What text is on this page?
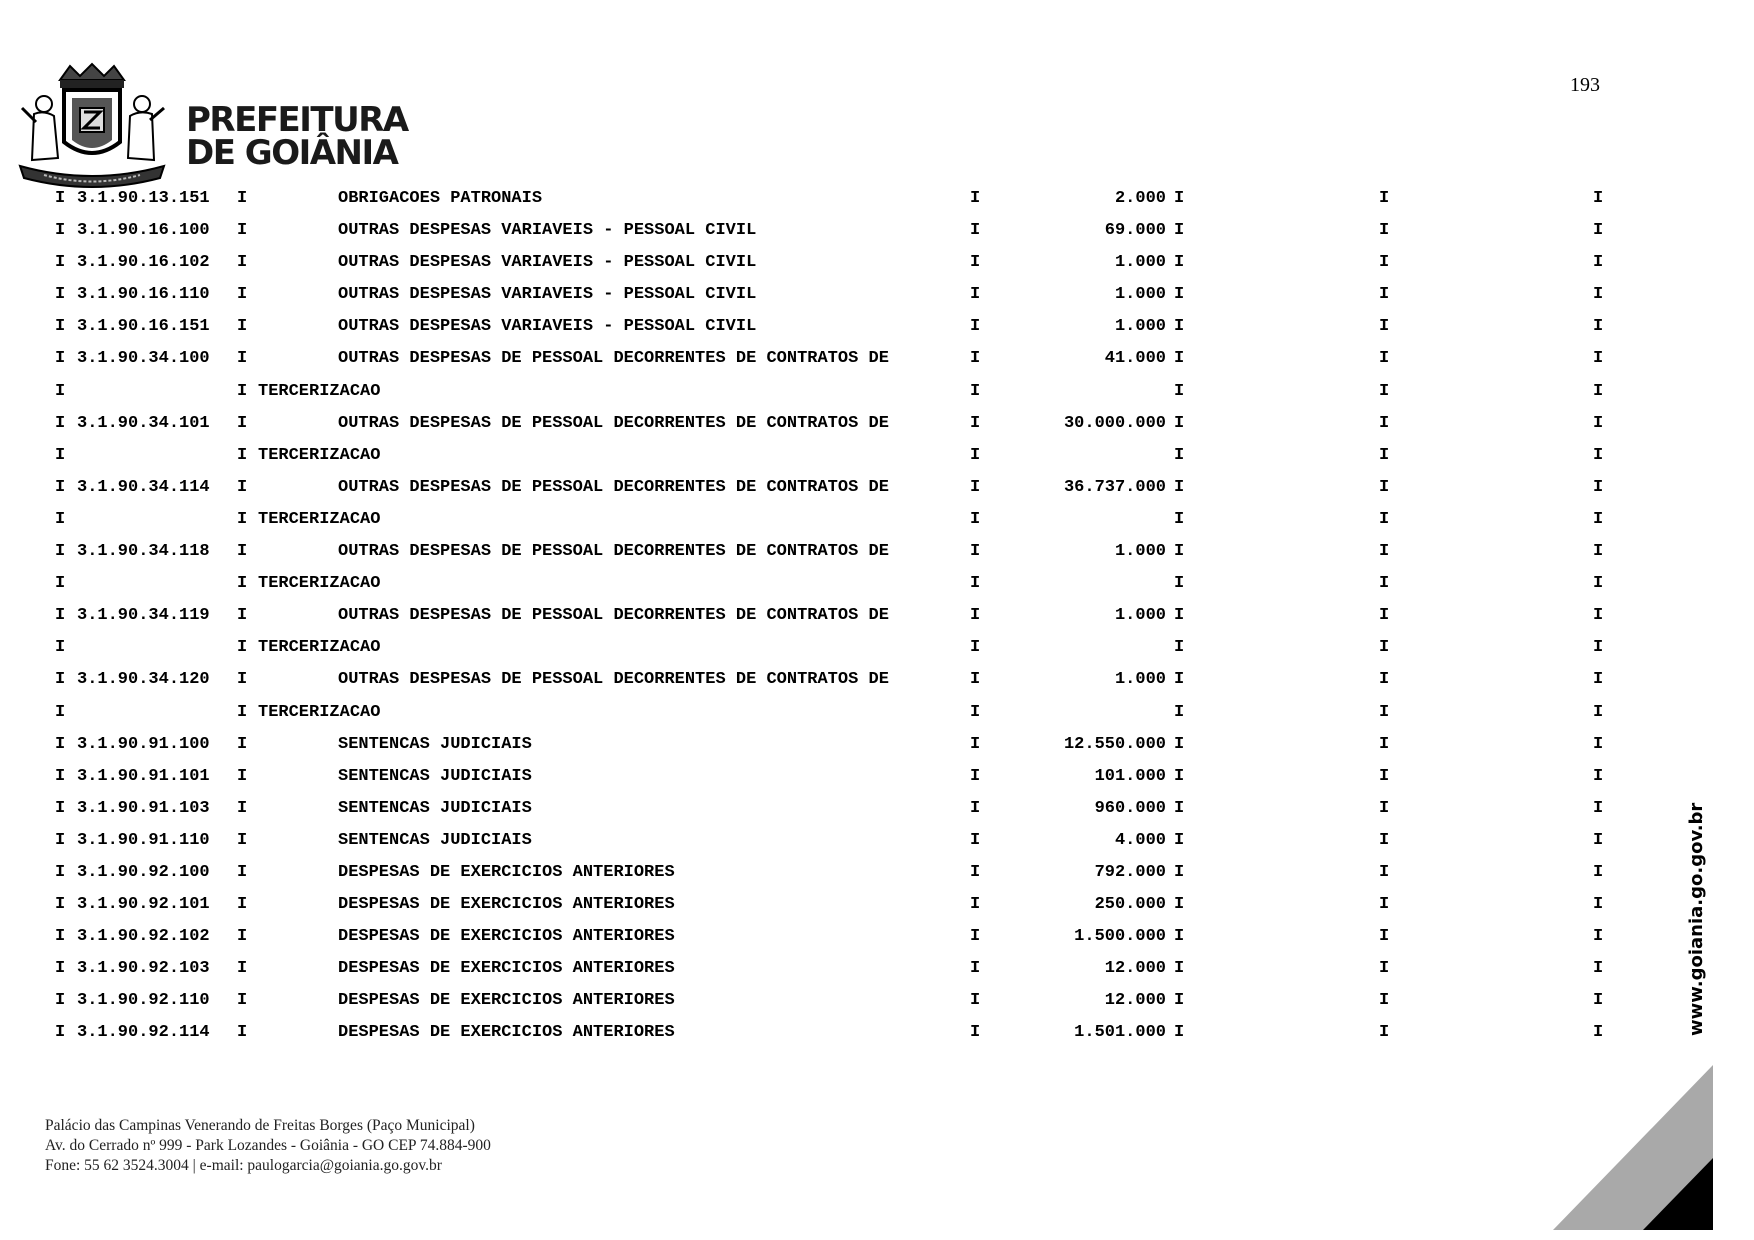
193
PREFEITURA
DE GOIÂNIA
I 3.1.90.13.151 I	OBRIGACOES PATRONAIS	I	2.000 I	I	I
I 3.1.90.16.100 I	OUTRAS DESPESAS VARIAVEIS - PESSOAL CIVIL	I	69.000 I	I	I
I 3.1.90.16.102 I	OUTRAS DESPESAS VARIAVEIS - PESSOAL CIVIL	I	1.000 I	I	I
I 3.1.90.16.110 I	OUTRAS DESPESAS VARIAVEIS - PESSOAL CIVIL	I	1.000 I	I	I
I 3.1.90.16.151 I	OUTRAS DESPESAS VARIAVEIS - PESSOAL CIVIL	I	1.000 I	I	I
I 3.1.90.34.100 I	OUTRAS DESPESAS DE PESSOAL DECORRENTES DE CONTRATOS DE	I	41.000 I	I	I
I	I TERCERIZACAO	I	I	I	I
I 3.1.90.34.101 I	OUTRAS DESPESAS DE PESSOAL DECORRENTES DE CONTRATOS DE	I	30.000.000 I	I	I
I	I TERCERIZACAO	I	I	I	I
I 3.1.90.34.114 I	OUTRAS DESPESAS DE PESSOAL DECORRENTES DE CONTRATOS DE	I	36.737.000 I	I	I
I	I TERCERIZACAO	I	I	I	I
I 3.1.90.34.118 I	OUTRAS DESPESAS DE PESSOAL DECORRENTES DE CONTRATOS DE	I	1.000 I	I	I
I	I TERCERIZACAO	I	I	I	I
I 3.1.90.34.119 I	OUTRAS DESPESAS DE PESSOAL DECORRENTES DE CONTRATOS DE	I	1.000 I	I	I
I	I TERCERIZACAO	I	I	I	I
I 3.1.90.34.120 I	OUTRAS DESPESAS DE PESSOAL DECORRENTES DE CONTRATOS DE	I	1.000 I	I	I
I	I TERCERIZACAO	I	I	I	I
I 3.1.90.91.100 I	SENTENCAS JUDICIAIS	I	12.550.000 I	I	I
I 3.1.90.91.101 I	SENTENCAS JUDICIAIS	I	101.000 I	I	I
I 3.1.90.91.103 I	SENTENCAS JUDICIAIS	I	960.000 I	I	I
I 3.1.90.91.110 I	SENTENCAS JUDICIAIS	I	4.000 I	I	I
I 3.1.90.92.100 I	DESPESAS DE EXERCICIOS ANTERIORES	I	792.000 I	I	I
I 3.1.90.92.101 I	DESPESAS DE EXERCICIOS ANTERIORES	I	250.000 I	I	I
I 3.1.90.92.102 I	DESPESAS DE EXERCICIOS ANTERIORES	I	1.500.000 I	I	I
I 3.1.90.92.103 I	DESPESAS DE EXERCICIOS ANTERIORES	I	12.000 I	I	I
I 3.1.90.92.110 I	DESPESAS DE EXERCICIOS ANTERIORES	I	12.000 I	I	I
I 3.1.90.92.114 I	DESPESAS DE EXERCICIOS ANTERIORES	I	1.501.000 I	I	I	www.goiania.go.gov.br
Palácio das Campinas Venerando de Freitas Borges (Paço Municipal)
Av. do Cerrado nº 999 - Park Lozandes - Goiânia - GO CEP 74.884-900
Fone: 55 62 3524.3004 | e-mail: paulogarcia@goiania.go.gov.br
